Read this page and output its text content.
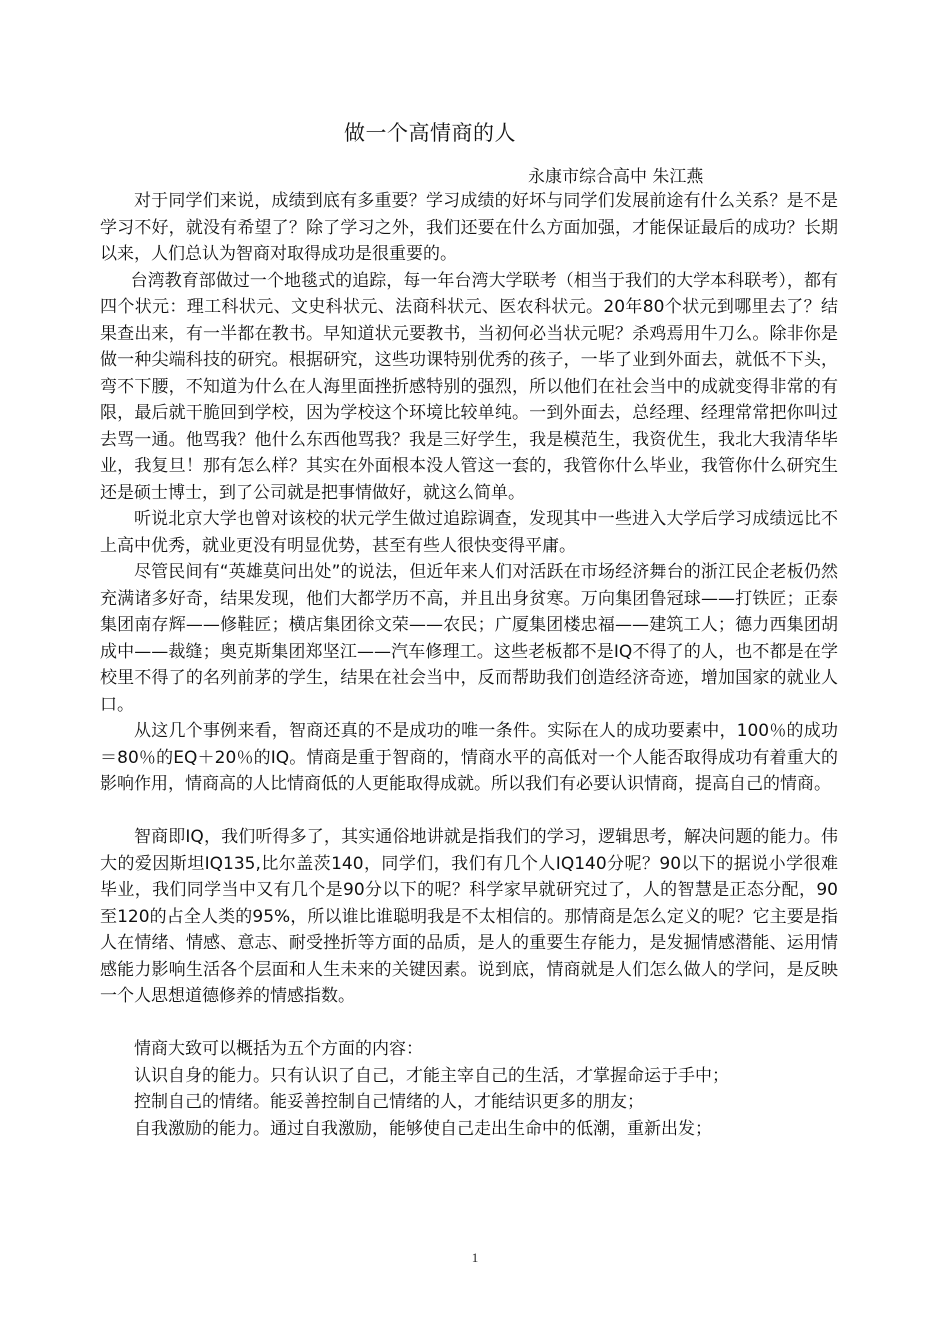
做一个高情商的人

永康市综合高中 朱江燕

对于同学们来说，成绩到底有多重要？学习成绩的好坏与同学们发展前途有什么关系？是不是学习不好，就没有希望了？除了学习之外，我们还要在什么方面加强，才能保证最后的成功？长期以来，人们总认为智商对取得成功是很重要的。

台湾教育部做过一个地毯式的追踪，每一年台湾大学联考（相当于我们的大学本科联考），都有四个状元：理工科状元、文史科状元、法商科状元、医农科状元。20年80个状元到哪里去了？结果查出来，有一半都在教书。早知道状元要教书，当初何必当状元呢？杀鸡焉用牛刀么。除非你是做一种尖端科技的研究。根据研究，这些功课特别优秀的孩子，一毕了业到外面去，就低不下头，弯不下腰，不知道为什么在人海里面挫折感特别的强烈，所以他们在社会当中的成就变得非常的有限，最后就干脆回到学校，因为学校这个环境比较单纯。一到外面去，总经理、经理常常把你叫过去骂一通。他骂我？他什么东西他骂我？我是三好学生，我是模范生，我资优生，我北大我清华毕业，我复旦！那有怎么样？其实在外面根本没人管这一套的，我管你什么毕业，我管你什么研究生还是硕士博士，到了公司就是把事情做好，就这么简单。

听说北京大学也曾对该校的状元学生做过追踪调查，发现其中一些进入大学后学习成绩远比不上高中优秀，就业更没有明显优势，甚至有些人很快变得平庸。

尽管民间有“英雄莫问出处”的说法，但近年来人们对活跃在市场经济舞台的浙江民企老板仍然充满诸多好奇，结果发现，他们大都学历不高，并且出身贫寒。万向集团鲁冠球——打铁匠；正泰集团南存辉——修鞋匠；横店集团徐文荣——农民；广厦集团楼忠福——建筑工人；德力西集团胡成中——裁缝；奥克斯集团郑坚江——汽车修理工。这些老板都不是IQ不得了的人，也不都是在学校里不得了的名列前茅的学生，结果在社会当中，反而帮助我们创造经济奇迹，增加国家的就业人口。

从这几个事例来看，智商还真的不是成功的唯一条件。实际在人的成功要素中，100％的成功＝80％的EQ＋20％的IQ。情商是重于智商的，情商水平的高低对一个人能否取得成功有着重大的影响作用，情商高的人比情商低的人更能取得成就。所以我们有必要认识情商，提高自己的情商。

智商即IQ，我们听得多了，其实通俗地讲就是指我们的学习，逻辑思考，解决问题的能力。伟大的爱因斯坦IQ135,比尔盖茨140，同学们，我们有几个人IQ140分呢？90以下的据说小学很难毕业，我们同学当中又有几个是90分以下的呢？科学家早就研究过了，人的智慧是正态分配，90至120的占全人类的95%，所以谁比谁聪明我是不太相信的。那情商是怎么定义的呢？它主要是指人在情绪、情感、意志、耐受挫折等方面的品质，是人的重要生存能力，是发掘情感潜能、运用情感能力影响生活各个层面和人生未来的关键因素。说到底，情商就是人们怎么做人的学问，是反映一个人思想道德修养的情感指数。

情商大致可以概括为五个方面的内容：

认识自身的能力。只有认识了自己，才能主宰自己的生活，才掌握命运于手中；

控制自己的情绪。能妥善控制自己情绪的人，才能结识更多的朋友；

自我激励的能力。通过自我激励，能够使自己走出生命中的低潮，重新出发；

1
